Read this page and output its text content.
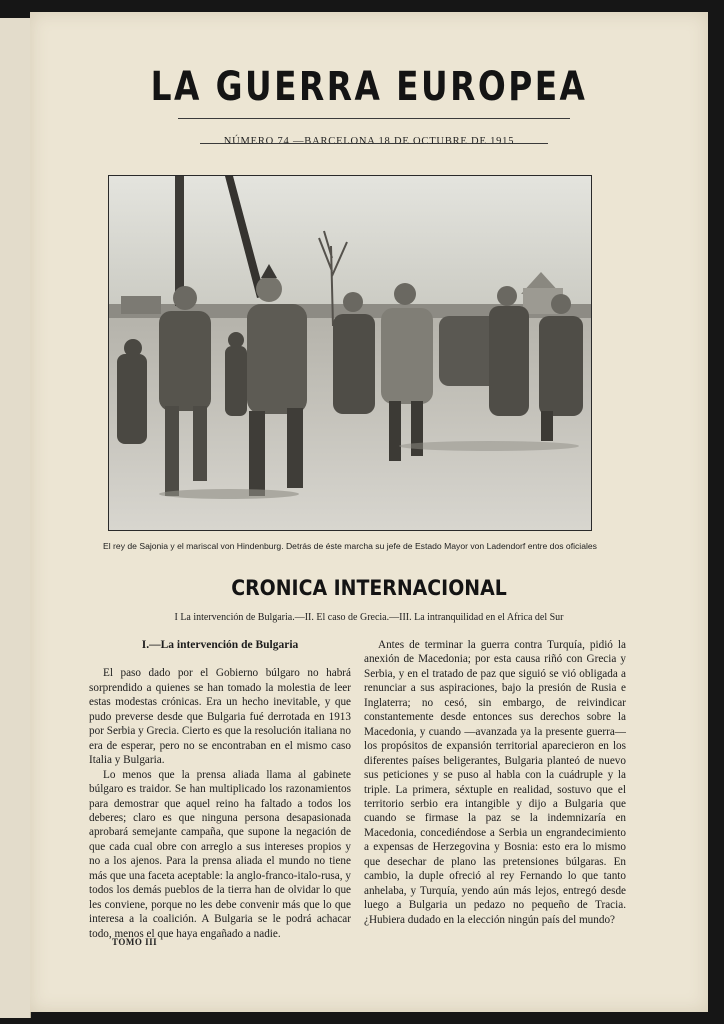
LA GUERRA EUROPEA
NÚMERO 74 —BARCELONA 18 DE OCTUBRE DE 1915
El rey de Sajonia y el mariscal von Hindenburg. Detrás de éste marcha su jefe de Estado Mayor von Ladendorf entre dos oficiales
CRONICA INTERNACIONAL
I La intervención de Bulgaria.—II. El caso de Grecia.—III. La intranquilidad en el Africa del Sur

I.—La intervención de Bulgaria

El paso dado por el Gobierno búlgaro no habrá sorprendido a quienes se han tomado la molestia de leer estas modestas crónicas. Era un hecho inevitable, y que pudo preverse desde que Bulgaria fué derrotada en 1913 por Serbia y Grecia. Cierto es que la resolución italiana no era de esperar, pero no se encontraban en el mismo caso Italia y Bulgaria.

Lo menos que la prensa aliada llama al gabinete búlgaro es traidor. Se han multiplicado los razonamientos para demostrar que aquel reino ha faltado a todos los deberes; claro es que ninguna persona desapasionada aprobará semejante campaña, que supone la negación de que cada cual obre con arreglo a sus intereses propios y no a los ajenos. Para la prensa aliada el mundo no tiene más que una faceta aceptable: la anglo-franco-italo-rusa, y todos los demás pueblos de la tierra han de olvidar lo que les conviene, porque no les debe convenir más que lo que interesa a la coalición. A Bulgaria se le podrá achacar todo, menos el que haya engañado a nadie.

Antes de terminar la guerra contra Turquía, pidió la anexión de Macedonia; por esta causa riñó con Grecia y Serbia, y en el tratado de paz que siguió se vió obligada a renunciar a sus aspiraciones, bajo la presión de Rusia e Inglaterra; no cesó, sin embargo, de reivindicar constantemente desde entonces sus derechos sobre la Macedonia, y cuando —avanzada ya la presente guerra—los propósitos de expansión territorial aparecieron en los diferentes países beligerantes, Bulgaria planteó de nuevo sus peticiones y se puso al habla con la cuádruple y la triple. La primera, séxtuple en realidad, sostuvo que el territorio serbio era intangible y dijo a Bulgaria que cuando se firmase la paz se la indemnizaría en Macedonia, concediéndose a Serbia un engrandecimiento a expensas de Herzegovina y Bosnia: esto era lo mismo que desechar de plano las pretensiones búlgaras. En cambio, la duple ofreció al rey Fernando lo que tanto anhelaba, y Turquía, yendo aún más lejos, entregó desde luego a Bulgaria un pedazo no pequeño de Tracia. ¿Hubiera dudado en la elección ningún país del mundo?

TOMO III
